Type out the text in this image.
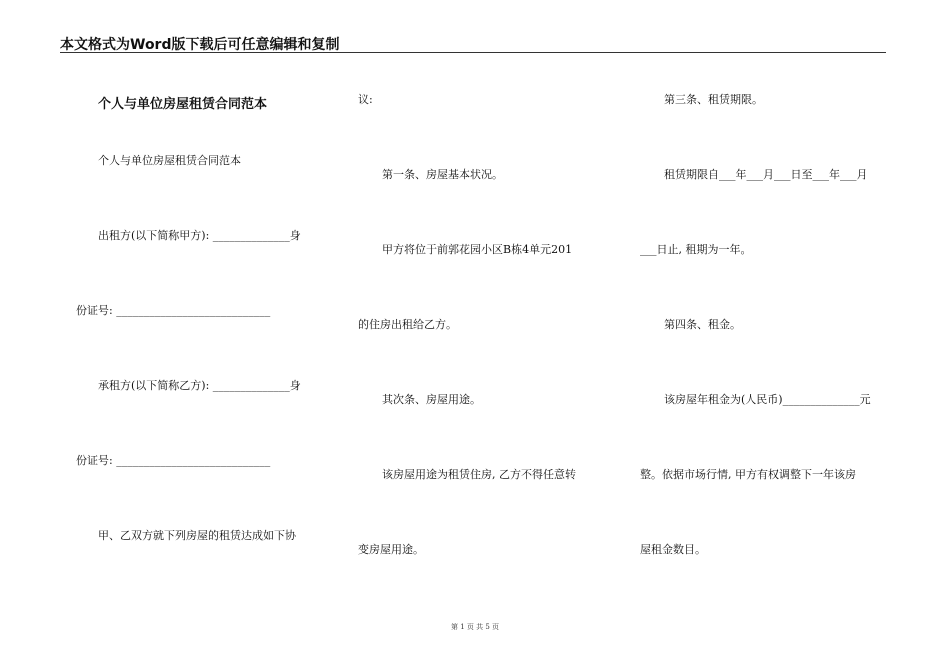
本文格式为Word版下载后可任意编辑和复制
个人与单位房屋租赁合同范本
个人与单位房屋租赁合同范本
出租方(以下简称甲方): ______________身
份证号: ____________________________
承租方(以下简称乙方): ______________身
份证号: ____________________________
甲、乙双方就下列房屋的租赁达成如下协
议:
第一条、房屋基本状况。
甲方将位于前郭花园小区B栋4单元201
的住房出租给乙方。
其次条、房屋用途。
该房屋用途为租赁住房, 乙方不得任意转
变房屋用途。
第三条、租赁期限。
租赁期限自___年___月___日至___年___月
___日止, 租期为一年。
第四条、租金。
该房屋年租金为(人民币)______________元
整。依据市场行情, 甲方有权调整下一年该房
屋租金数目。
第 1 页 共 5 页
